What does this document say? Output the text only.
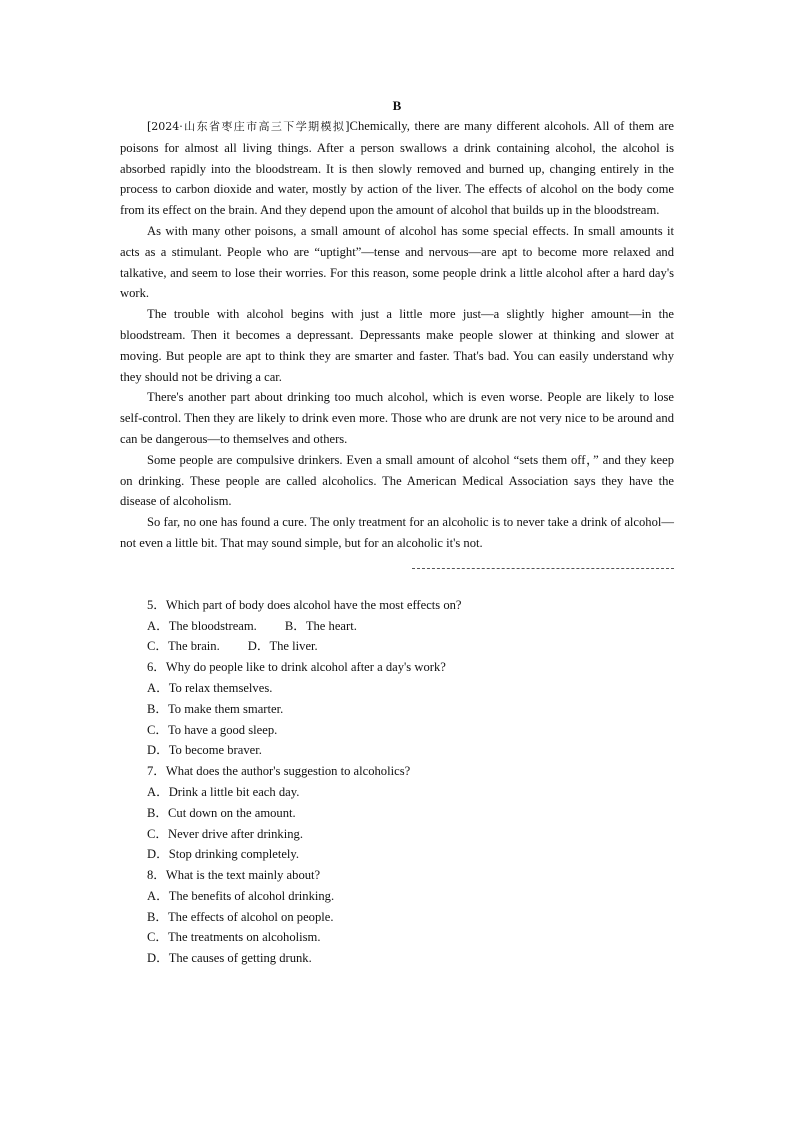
B

[2024·山东省枣庄市高三下学期模拟]Chemically, there are many different alcohols. All of them are poisons for almost all living things. After a person swallows a drink containing alcohol, the alcohol is absorbed rapidly into the bloodstream. It is then slowly removed and burned up, changing entirely in the process to carbon dioxide and water, mostly by action of the liver. The effects of alcohol on the body come from its effect on the brain. And they depend upon the amount of alcohol that builds up in the bloodstream.

As with many other poisons, a small amount of alcohol has some special effects. In small amounts it acts as a stimulant. People who are “uptight”—tense and nervous—are apt to become more relaxed and talkative, and seem to lose their worries. For this reason, some people drink a little alcohol after a hard day's work.

The trouble with alcohol begins with just a little more just—a slightly higher amount—in the bloodstream. Then it becomes a depressant. Depressants make people slower at thinking and slower at moving. But people are apt to think they are smarter and faster. That's bad. You can easily understand why they should not be driving a car.

There's another part about drinking too much alcohol, which is even worse. People are likely to lose self-control. Then they are likely to drink even more. Those who are drunk are not very nice to be around and can be dangerous—to themselves and others.

Some people are compulsive drinkers. Even a small amount of alcohol “sets them off，” and they keep on drinking. These people are called alcoholics. The American Medical Association says they have the disease of alcoholism.

So far, no one has found a cure. The only treatment for an alcoholic is to never take a drink of alcohol—not even a little bit. That may sound simple, but for an alcoholic it's not.

5．Which part of body does alcohol have the most effects on?

A．The bloodstream. B．The heart.

C．The brain. D．The liver.

6．Why do people like to drink alcohol after a day's work?

A．To relax themselves.

B．To make them smarter.

C．To have a good sleep.

D．To become braver.

7．What does the author's suggestion to alcoholics?

A．Drink a little bit each day.

B．Cut down on the amount.

C．Never drive after drinking.

D．Stop drinking completely.

8．What is the text mainly about?

A．The benefits of alcohol drinking.

B．The effects of alcohol on people.

C．The treatments on alcoholism.

D．The causes of getting drunk.
